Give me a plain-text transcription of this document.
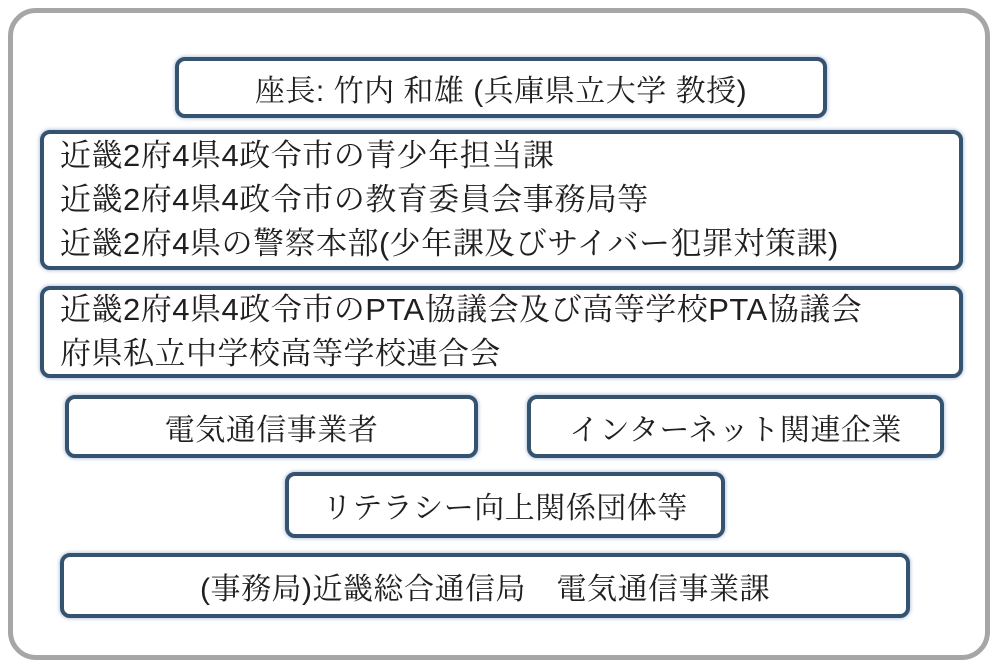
座長: 竹内 和雄 (兵庫県立大学 教授)
近畿2府4県4政令市の青少年担当課
近畿2府4県4政令市の教育委員会事務局等
近畿2府4県の警察本部(少年課及びサイバー犯罪対策課)
近畿2府4県4政令市のPTA協議会及び高等学校PTA協議会
府県私立中学校高等学校連合会
電気通信事業者	インターネット関連企業
リテラシー向上関係団体等
(事務局)近畿総合通信局　電気通信事業課
